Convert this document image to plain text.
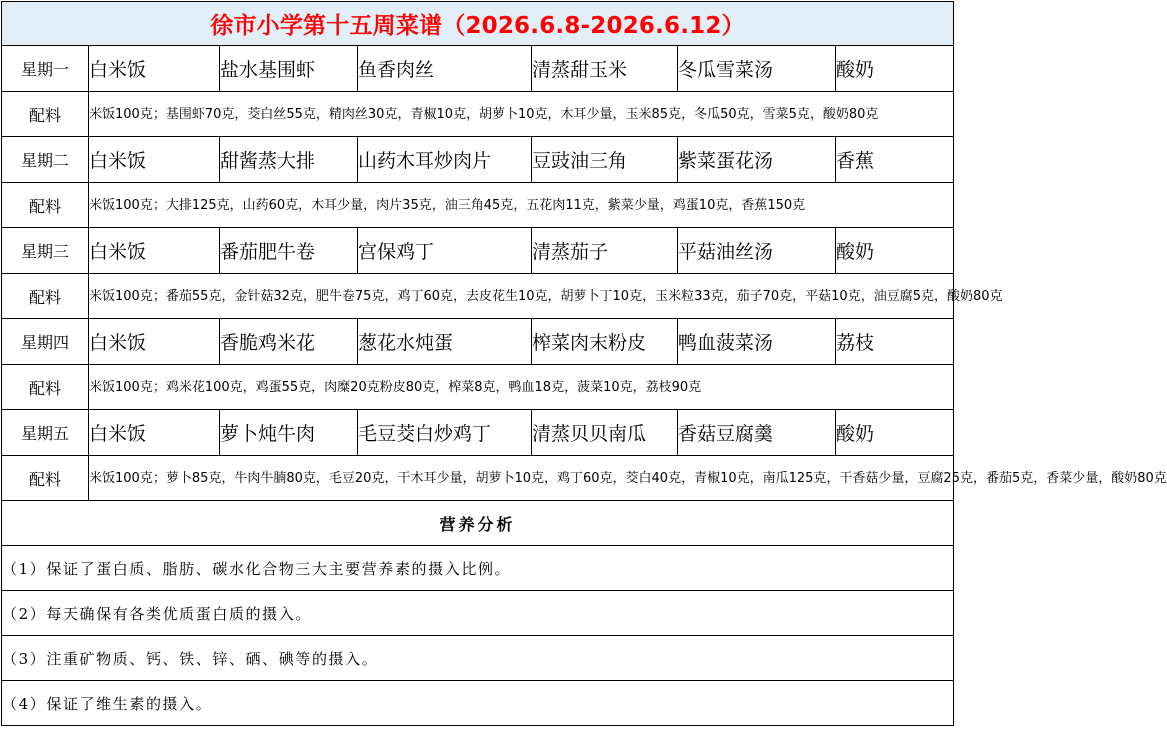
徐市小学第十五周菜谱（2026.6.8-2026.6.12）						
星期一	白米饭	盐水基围虾	鱼香肉丝	清蒸甜玉米	冬瓜雪菜汤	酸奶
配料	米饭100克；基围虾70克，茭白丝55克，精肉丝30克，青椒10克，胡萝卜10克，木耳少量，玉米85克，冬瓜50克，雪菜5克，酸奶80克					
星期二	白米饭	甜酱蒸大排	山药木耳炒肉片	豆豉油三角	紫菜蛋花汤	香蕉
配料	米饭100克；大排125克，山药60克，木耳少量，肉片35克，油三角45克，五花肉11克，紫菜少量，鸡蛋10克，香蕉150克					
星期三	白米饭	番茄肥牛卷	宫保鸡丁	清蒸茄子	平菇油丝汤	酸奶
配料	米饭100克；番茄55克，金针菇32克，肥牛卷75克，鸡丁60克，去皮花生10克，胡萝卜丁10克，玉米粒33克，茄子70克，平菇10克，油豆腐5克，酸奶80克					
星期四	白米饭	香脆鸡米花	葱花水炖蛋	榨菜肉末粉皮	鸭血菠菜汤	荔枝
配料	米饭100克；鸡米花100克，鸡蛋55克，肉糜20克粉皮80克，榨菜8克，鸭血18克，菠菜10克，荔枝90克					
星期五	白米饭	萝卜炖牛肉	毛豆茭白炒鸡丁	清蒸贝贝南瓜	香菇豆腐羹	酸奶
配料	米饭100克；萝卜85克，牛肉牛腩80克，毛豆20克，干木耳少量，胡萝卜10克，鸡丁60克，茭白40克，青椒10克，南瓜125克，干香菇少量，豆腐25克，番茄5克，香菜少量，酸奶80克					
营养分析						
（1）保证了蛋白质、脂肪、碳水化合物三大主要营养素的摄入比例。						
（2）每天确保有各类优质蛋白质的摄入。						
（3）注重矿物质、钙、铁、锌、硒、碘等的摄入。						
（4）保证了维生素的摄入。						
